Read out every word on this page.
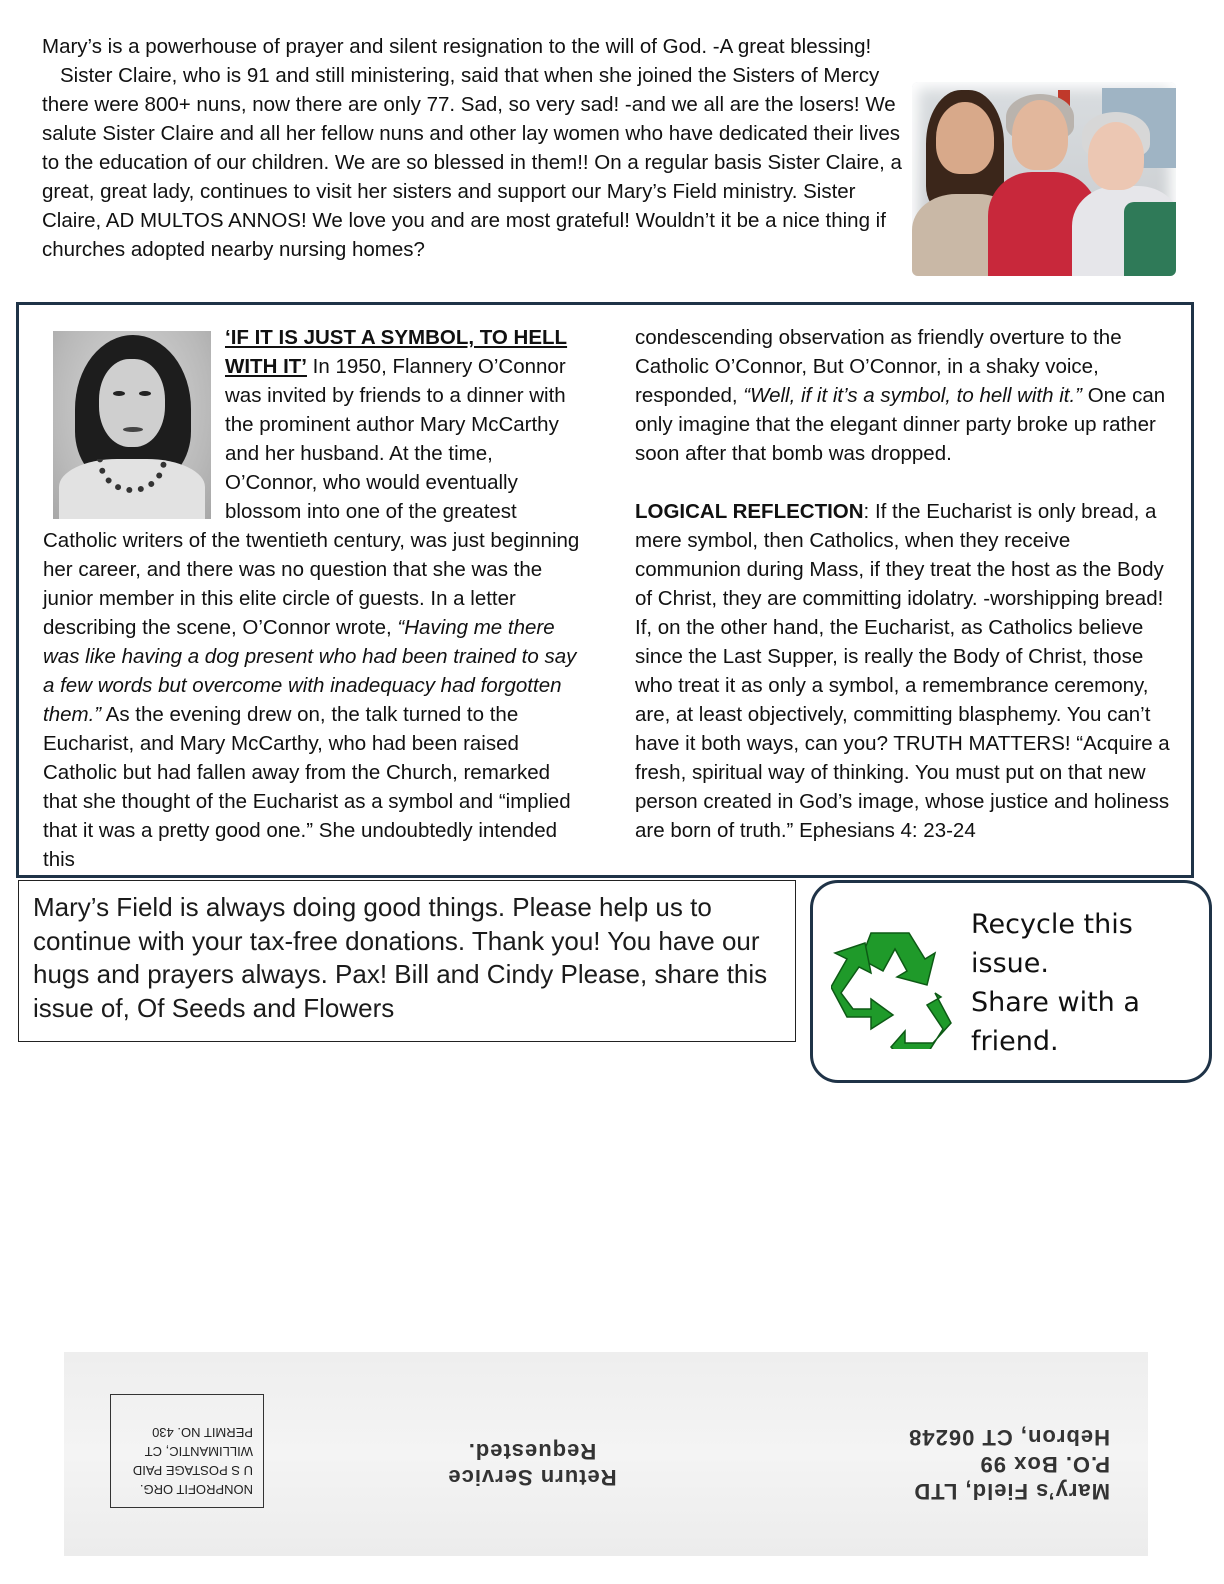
Mary’s is a powerhouse of prayer and silent resignation to the will of God. -A great blessing!

Sister Claire, who is 91 and still ministering, said that when she joined the Sisters of Mercy there were 800+ nuns, now there are only 77. Sad, so very sad! -and we all are the losers! We salute Sister Claire and all her fellow nuns and other lay women who have dedicated their lives to the education of our children. We are so blessed in them!! On a regular basis Sister Claire, a great, great lady, continues to visit her sisters and support our Mary’s Field ministry. Sister Claire, AD MULTOS ANNOS! We love you and are most grateful! Wouldn’t it be a nice thing if churches adopted nearby nursing homes?

‘IF IT IS JUST A SYMBOL, TO HELL WITH IT’ In 1950, Flannery O’Connor was invited by friends to a dinner with the prominent author Mary McCarthy and her husband. At the time, O’Connor, who would eventually blossom into one of the greatest Catholic writers of the twentieth century, was just beginning her career, and there was no question that she was the junior member in this elite circle of guests. In a letter describing the scene, O’Connor wrote, “Having me there was like having a dog present who had been trained to say a few words but overcome with inadequacy had forgotten them.” As the evening drew on, the talk turned to the Eucharist, and Mary McCarthy, who had been raised Catholic but had fallen away from the Church, remarked that she thought of the Eucharist as a symbol and “implied that it was a pretty good one.” She undoubtedly intended this

condescending observation as friendly overture to the Catholic O’Connor, But O’Connor, in a shaky voice, responded, “Well, if it it’s a symbol, to hell with it.” One can only imagine that the elegant dinner party broke up rather soon after that bomb was dropped.

LOGICAL REFLECTION: If the Eucharist is only bread, a mere symbol, then Catholics, when they receive communion during Mass, if they treat the host as the Body of Christ, they are committing idolatry. -worshipping bread! If, on the other hand, the Eucharist, as Catholics believe since the Last Supper, is really the Body of Christ, those who treat it as only a symbol, a remembrance ceremony, are, at least objectively, committing blasphemy. You can’t have it both ways, can you? TRUTH MATTERS! “Acquire a fresh, spiritual way of thinking. You must put on that new person created in God’s image, whose justice and holiness are born of truth.” Ephesians 4: 23-24

Mary’s Field is always doing good things. Please help us to continue with your tax-free donations. Thank you! You have our hugs and prayers always. Pax! Bill and Cindy Please, share this issue of, Of Seeds and Flowers

Recycle this
issue.
Share with a
friend.
NONPROFIT ORG.
U S POSTAGE PAID
WILLIMANTIC, CT
PERMIT NO. 430
Return Service
Requested.
Mary’s Field, LTD
P.O. Box 99
Hebron, CT 06248
